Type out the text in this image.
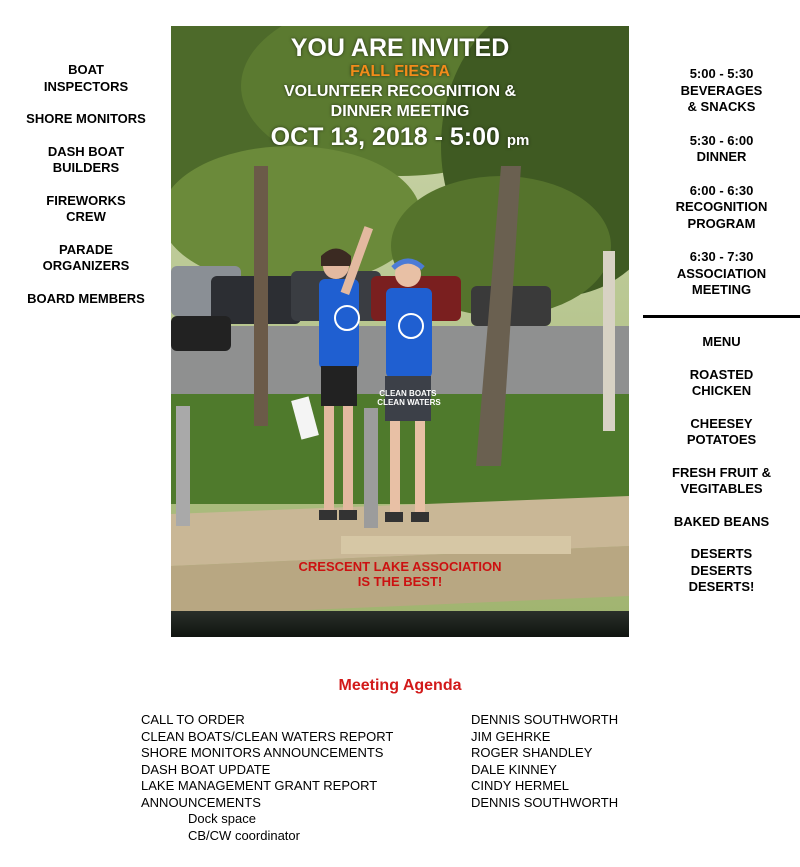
BOAT
INSPECTORS
SHORE MONITORS
DASH BOAT
BUILDERS
FIREWORKS
CREW
PARADE
ORGANIZERS
BOARD MEMBERS
CLEAN BOATS CLEAN WATERS
YOU ARE INVITED
FALL FIESTA
VOLUNTEER RECOGNITION &
DINNER MEETING
OCT 13, 2018 - 5:00 pm
CRESCENT LAKE ASSOCIATION
IS THE BEST!
5:00 - 5:30
BEVERAGES
& SNACKS
5:30 - 6:00
DINNER
6:00 - 6:30
RECOGNITION
PROGRAM
6:30 - 7:30
ASSOCIATION
MEETING
MENU
ROASTED
CHICKEN
CHEESEY
POTATOES
FRESH FRUIT &
VEGITABLES
BAKED BEANS
DESERTS
DESERTS
DESERTS!
Meeting Agenda
CALL TO ORDER
CLEAN BOATS/CLEAN WATERS REPORT
SHORE MONITORS ANNOUNCEMENTS
DASH BOAT UPDATE
LAKE MANAGEMENT GRANT REPORT
ANNOUNCEMENTS
Dock space
CB/CW coordinator
DENNIS SOUTHWORTH
JIM GEHRKE
ROGER SHANDLEY
DALE KINNEY
CINDY HERMEL
DENNIS SOUTHWORTH
